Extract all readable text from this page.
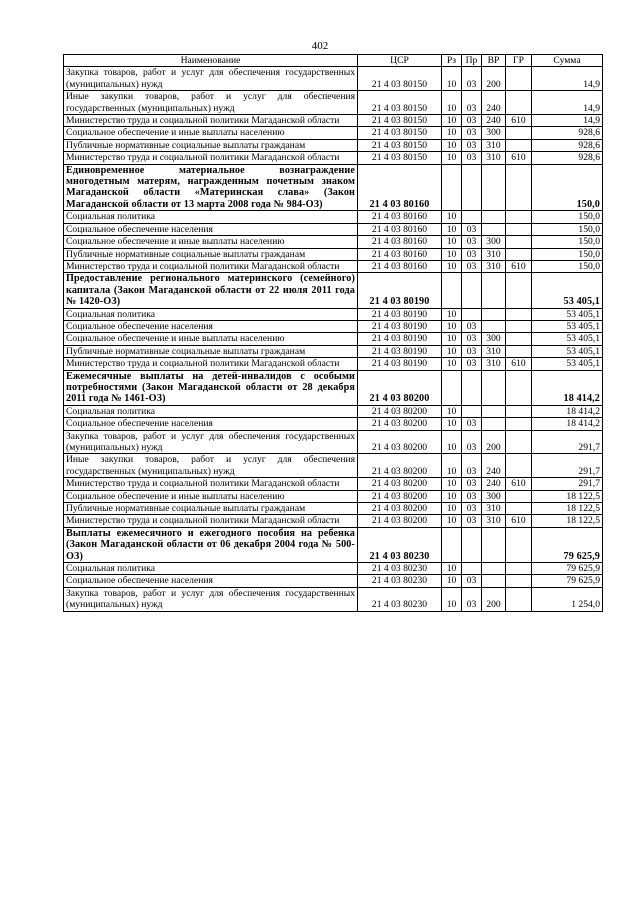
402
Наименование	ЦСР	Рз	Пр	ВР	ГР	Сумма
Закупка товаров, работ и услуг для обеспечения государственных (муниципальных) нужд	21 4 03 80150	10	03	200		14,9
Иные закупки товаров, работ и услуг для обеспечения государственных (муниципальных) нужд	21 4 03 80150	10	03	240		14,9
Министерство труда и социальной политики Магаданской области	21 4 03 80150	10	03	240	610	14,9
Социальное обеспечение и иные выплаты населению	21 4 03 80150	10	03	300		928,6
Публичные нормативные социальные выплаты гражданам	21 4 03 80150	10	03	310		928,6
Министерство труда и социальной политики Магаданской области	21 4 03 80150	10	03	310	610	928,6
Единовременное материальное вознаграждение многодетным матерям, награжденным почетным знаком Магаданской области «Материнская слава» (Закон Магаданской области от 13 марта 2008 года № 984-ОЗ)	21 4 03 80160					150,0
Социальная политика	21 4 03 80160	10				150,0
Социальное обеспечение населения	21 4 03 80160	10	03			150,0
Социальное обеспечение и иные выплаты населению	21 4 03 80160	10	03	300		150,0
Публичные нормативные социальные выплаты гражданам	21 4 03 80160	10	03	310		150,0
Министерство труда и социальной политики Магаданской области	21 4 03 80160	10	03	310	610	150,0
Предоставление регионального материнского (семейного) капитала (Закон Магаданской области от 22 июля 2011 года № 1420-ОЗ)	21 4 03 80190					53 405,1
Социальная политика	21 4 03 80190	10				53 405,1
Социальное обеспечение населения	21 4 03 80190	10	03			53 405,1
Социальное обеспечение и иные выплаты населению	21 4 03 80190	10	03	300		53 405,1
Публичные нормативные социальные выплаты гражданам	21 4 03 80190	10	03	310		53 405,1
Министерство труда и социальной политики Магаданской области	21 4 03 80190	10	03	310	610	53 405,1
Ежемесячные выплаты на детей-инвалидов с особыми потребностями (Закон Магаданской области от 28 декабря 2011 года № 1461-ОЗ)	21 4 03 80200					18 414,2
Социальная политика	21 4 03 80200	10				18 414,2
Социальное обеспечение населения	21 4 03 80200	10	03			18 414,2
Закупка товаров, работ и услуг для обеспечения государственных (муниципальных) нужд	21 4 03 80200	10	03	200		291,7
Иные закупки товаров, работ и услуг для обеспечения государственных (муниципальных) нужд	21 4 03 80200	10	03	240		291,7
Министерство труда и социальной политики Магаданской области	21 4 03 80200	10	03	240	610	291,7
Социальное обеспечение и иные выплаты населению	21 4 03 80200	10	03	300		18 122,5
Публичные нормативные социальные выплаты гражданам	21 4 03 80200	10	03	310		18 122,5
Министерство труда и социальной политики Магаданской области	21 4 03 80200	10	03	310	610	18 122,5
Выплаты ежемесячного и ежегодного пособия на ребенка (Закон Магаданской области от 06 декабря 2004 года № 500-ОЗ)	21 4 03 80230					79 625,9
Социальная политика	21 4 03 80230	10				79 625,9
Социальное обеспечение населения	21 4 03 80230	10	03			79 625,9
Закупка товаров, работ и услуг для обеспечения государственных (муниципальных) нужд	21 4 03 80230	10	03	200		1 254,0
